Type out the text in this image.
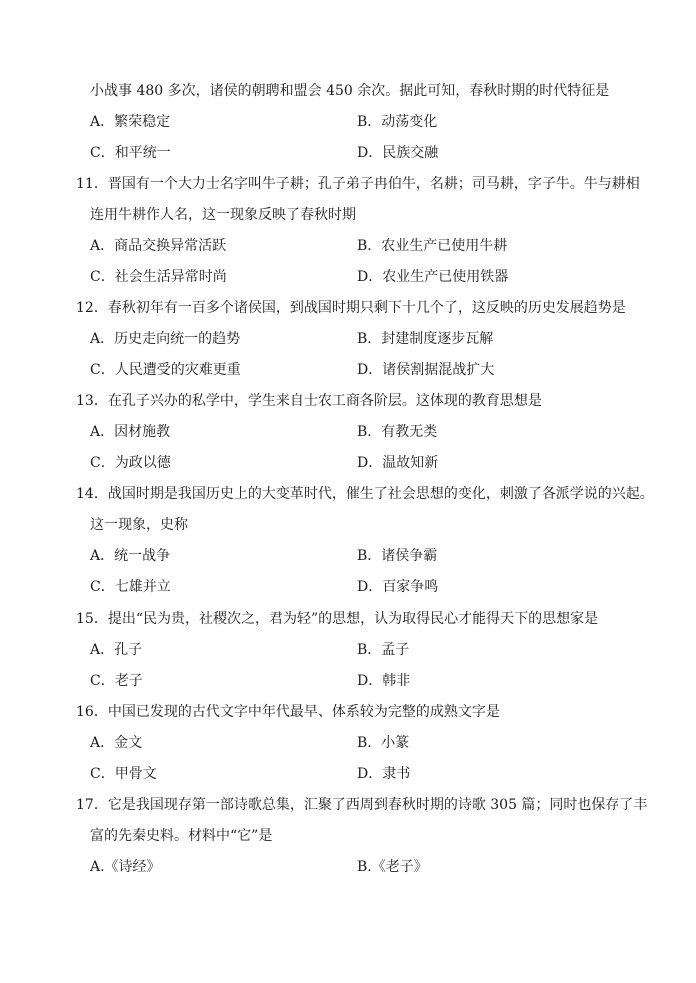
小战事 480 多次，诸侯的朝聘和盟会 450 余次。据此可知，春秋时期的时代特征是
A．繁荣稳定	B．动荡变化
C．和平统一	D．民族交融
11．晋国有一个大力士名字叫牛子耕；孔子弟子冉伯牛，名耕；司马耕，字子牛。牛与耕相
连用牛耕作人名，这一现象反映了春秋时期
A．商品交换异常活跃	B．农业生产已使用牛耕
C．社会生活异常时尚	D．农业生产已使用铁器
12．春秋初年有一百多个诸侯国，到战国时期只剩下十几个了，这反映的历史发展趋势是
A．历史走向统一的趋势	B．封建制度逐步瓦解
C．人民遭受的灾难更重	D．诸侯割据混战扩大
13．在孔子兴办的私学中，学生来自士农工商各阶层。这体现的教育思想是
A．因材施教	B．有教无类
C．为政以德	D．温故知新
14．战国时期是我国历史上的大变革时代，催生了社会思想的变化，刺激了各派学说的兴起。
这一现象，史称
A．统一战争	B．诸侯争霸
C．七雄并立	D．百家争鸣
15．提出“民为贵，社稷次之，君为轻”的思想，认为取得民心才能得天下的思想家是
A．孔子	B．孟子
C．老子	D．韩非
16．中国已发现的古代文字中年代最早、体系较为完整的成熟文字是
A．金文	B．小篆
C．甲骨文	D．隶书
17．它是我国现存第一部诗歌总集，汇聚了西周到春秋时期的诗歌 305 篇；同时也保存了丰
富的先秦史料。材料中“它”是
A.《诗经》	B.《老子》
